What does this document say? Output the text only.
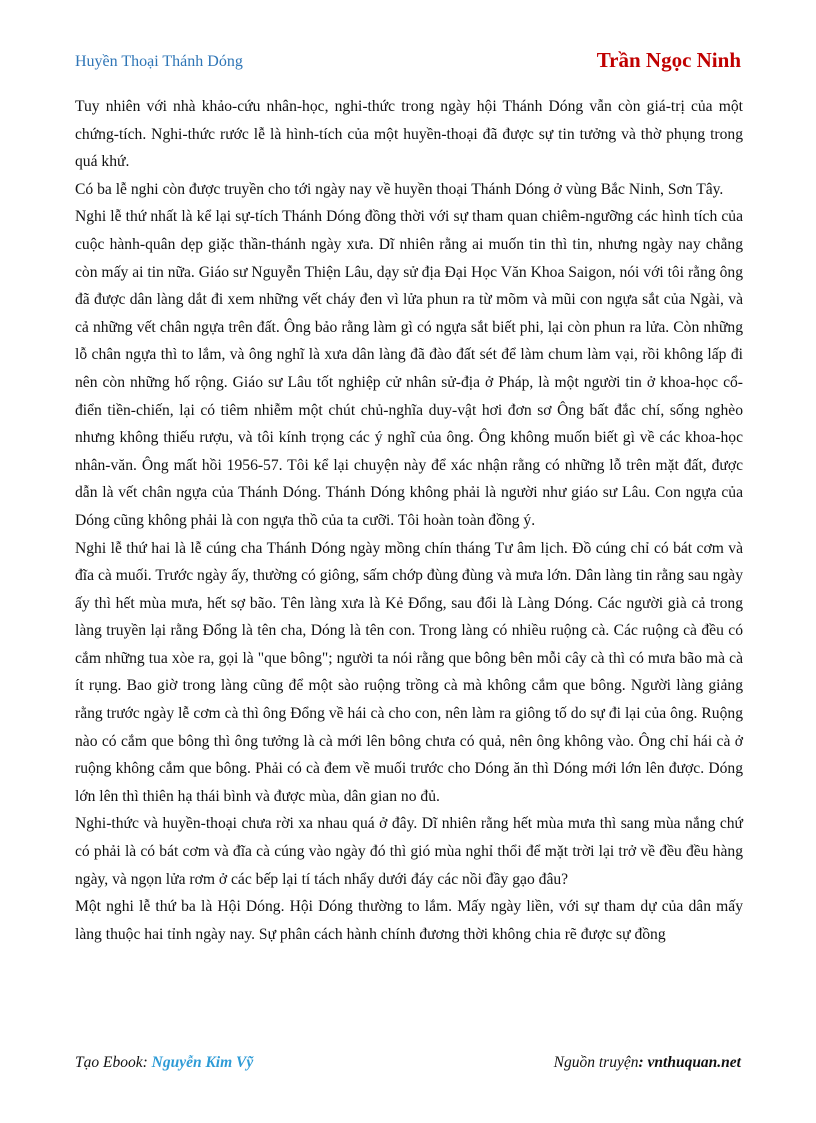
Huyền Thoại Thánh Dóng	Trần Ngọc Ninh

Tuy nhiên với nhà khảo-cứu nhân-học, nghi-thức trong ngày hội Thánh Dóng vẫn còn giá-trị của một chứng-tích. Nghi-thức rước lễ là hình-tích của một huyền-thoại đã được sự tin tưởng và thờ phụng trong quá khứ.

Có ba lễ nghi còn được truyền cho tới ngày nay về huyền thoại Thánh Dóng ở vùng Bắc Ninh, Sơn Tây.

Nghi lễ thứ nhất là kể lại sự-tích Thánh Dóng đồng thời với sự tham quan chiêm-ngưỡng các hình tích của cuộc hành-quân dẹp giặc thần-thánh ngày xưa. Dĩ nhiên rằng ai muốn tin thì tin, nhưng ngày nay chẳng còn mấy ai tin nữa. Giáo sư Nguyễn Thiện Lâu, dạy sử địa Đại Học Văn Khoa Saigon, nói với tôi rằng ông đã được dân làng dắt đi xem những vết cháy đen vì lửa phun ra từ mõm và mũi con ngựa sắt của Ngài, và cả những vết chân ngựa trên đất. Ông bảo rằng làm gì có ngựa sắt biết phi, lại còn phun ra lửa. Còn những lỗ chân ngựa thì to lắm, và ông nghĩ là xưa dân làng đã đào đất sét để làm chum làm vại, rồi không lấp đi nên còn những hố rộng. Giáo sư Lâu tốt nghiệp cử nhân sử-địa ở Pháp, là một người tin ở khoa-học cổ-điển tiền-chiến, lại có tiêm nhiễm một chút chủ-nghĩa duy-vật hơi đơn sơ Ông bất đắc chí, sống nghèo nhưng không thiếu rượu, và tôi kính trọng các ý nghĩ của ông. Ông không muốn biết gì về các khoa-học nhân-văn. Ông mất hồi 1956-57. Tôi kể lại chuyện này để xác nhận rằng có những lỗ trên mặt đất, được dẫn là vết chân ngựa của Thánh Dóng. Thánh Dóng không phải là người như giáo sư Lâu. Con ngựa của Dóng cũng không phải là con ngựa thồ của ta cưỡi. Tôi hoàn toàn đồng ý.

Nghi lễ thứ hai là lễ cúng cha Thánh Dóng ngày mồng chín tháng Tư âm lịch. Đồ cúng chỉ có bát cơm và đĩa cà muối. Trước ngày ấy, thường có giông, sấm chớp đùng đùng và mưa lớn. Dân làng tin rằng sau ngày ấy thì hết mùa mưa, hết sợ bão. Tên làng xưa là Kẻ Đổng, sau đổi là Làng Dóng. Các người già cả trong làng truyền lại rằng Đổng là tên cha, Dóng là tên con. Trong làng có nhiều ruộng cà. Các ruộng cà đều có cắm những tua xòe ra, gọi là "que bông"; người ta nói rằng que bông bên mỗi cây cà thì có mưa bão mà cà ít rụng. Bao giờ trong làng cũng để một sào ruộng trồng cà mà không cắm que bông. Người làng giảng rằng trước ngày lễ cơm cà thì ông Đổng về hái cà cho con, nên làm ra giông tố do sự đi lại của ông. Ruộng nào có cắm que bông thì ông tưởng là cà mới lên bông chưa có quả, nên ông không vào. Ông chỉ hái cà ở ruộng không cắm que bông. Phải có cà đem về muối trước cho Dóng ăn thì Dóng mới lớn lên được. Dóng lớn lên thì thiên hạ thái bình và được mùa, dân gian no đủ.

Nghi-thức và huyền-thoại chưa rời xa nhau quá ở đây. Dĩ nhiên rằng hết mùa mưa thì sang mùa nắng chứ có phải là có bát cơm và đĩa cà cúng vào ngày đó thì gió mùa nghỉ thổi để mặt trời lại trở về đều đều hàng ngày, và ngọn lửa rơm ở các bếp lại tí tách nhẩy dưới đáy các nồi đầy gạo đâu?

Một nghi lễ thứ ba là Hội Dóng. Hội Dóng thường to lắm. Mấy ngày liền, với sự tham dự của dân mấy làng thuộc hai tỉnh ngày nay. Sự phân cách hành chính đương thời không chia rẽ được sự đồng

Tạo Ebook: Nguyễn Kim Vỹ	Nguồn truyện: vnthuquan.net
